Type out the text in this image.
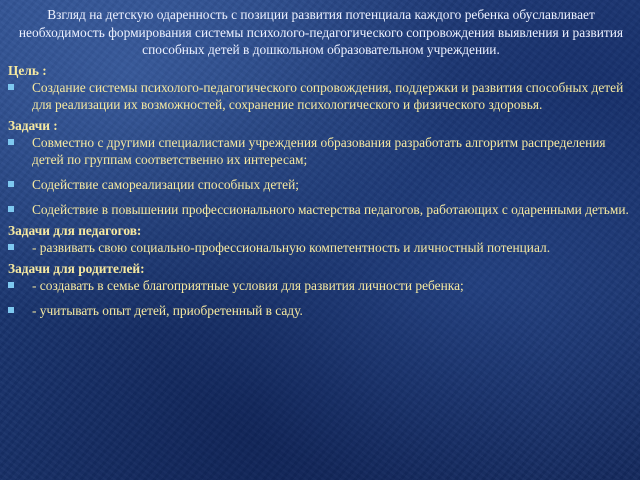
Взгляд на детскую одаренность с позиции развития потенциала каждого ребенка обуславливает необходимость формирования системы психолого-педагогического сопровождения выявления и развития способных детей в дошкольном образовательном учреждении.

Цель :

Создание системы психолого-педагогического сопровождения, поддержки и развития способных детей для реализации их возможностей, сохранение психологического и физического здоровья.

Задачи :

Совместно с другими специалистами учреждения образования разработать алгоритм распределения детей по группам соответственно их интересам;
Содействие самореализации способных детей;
Содействие в повышении профессионального мастерства педагогов, работающих с одаренными детьми.

Задачи для педагогов:

- развивать свою социально-профессиональную компетентность и личностный потенциал.

Задачи для родителей:

- создавать в семье благоприятные условия для развития личности ребенка;
- учитывать опыт детей, приобретенный в саду.
